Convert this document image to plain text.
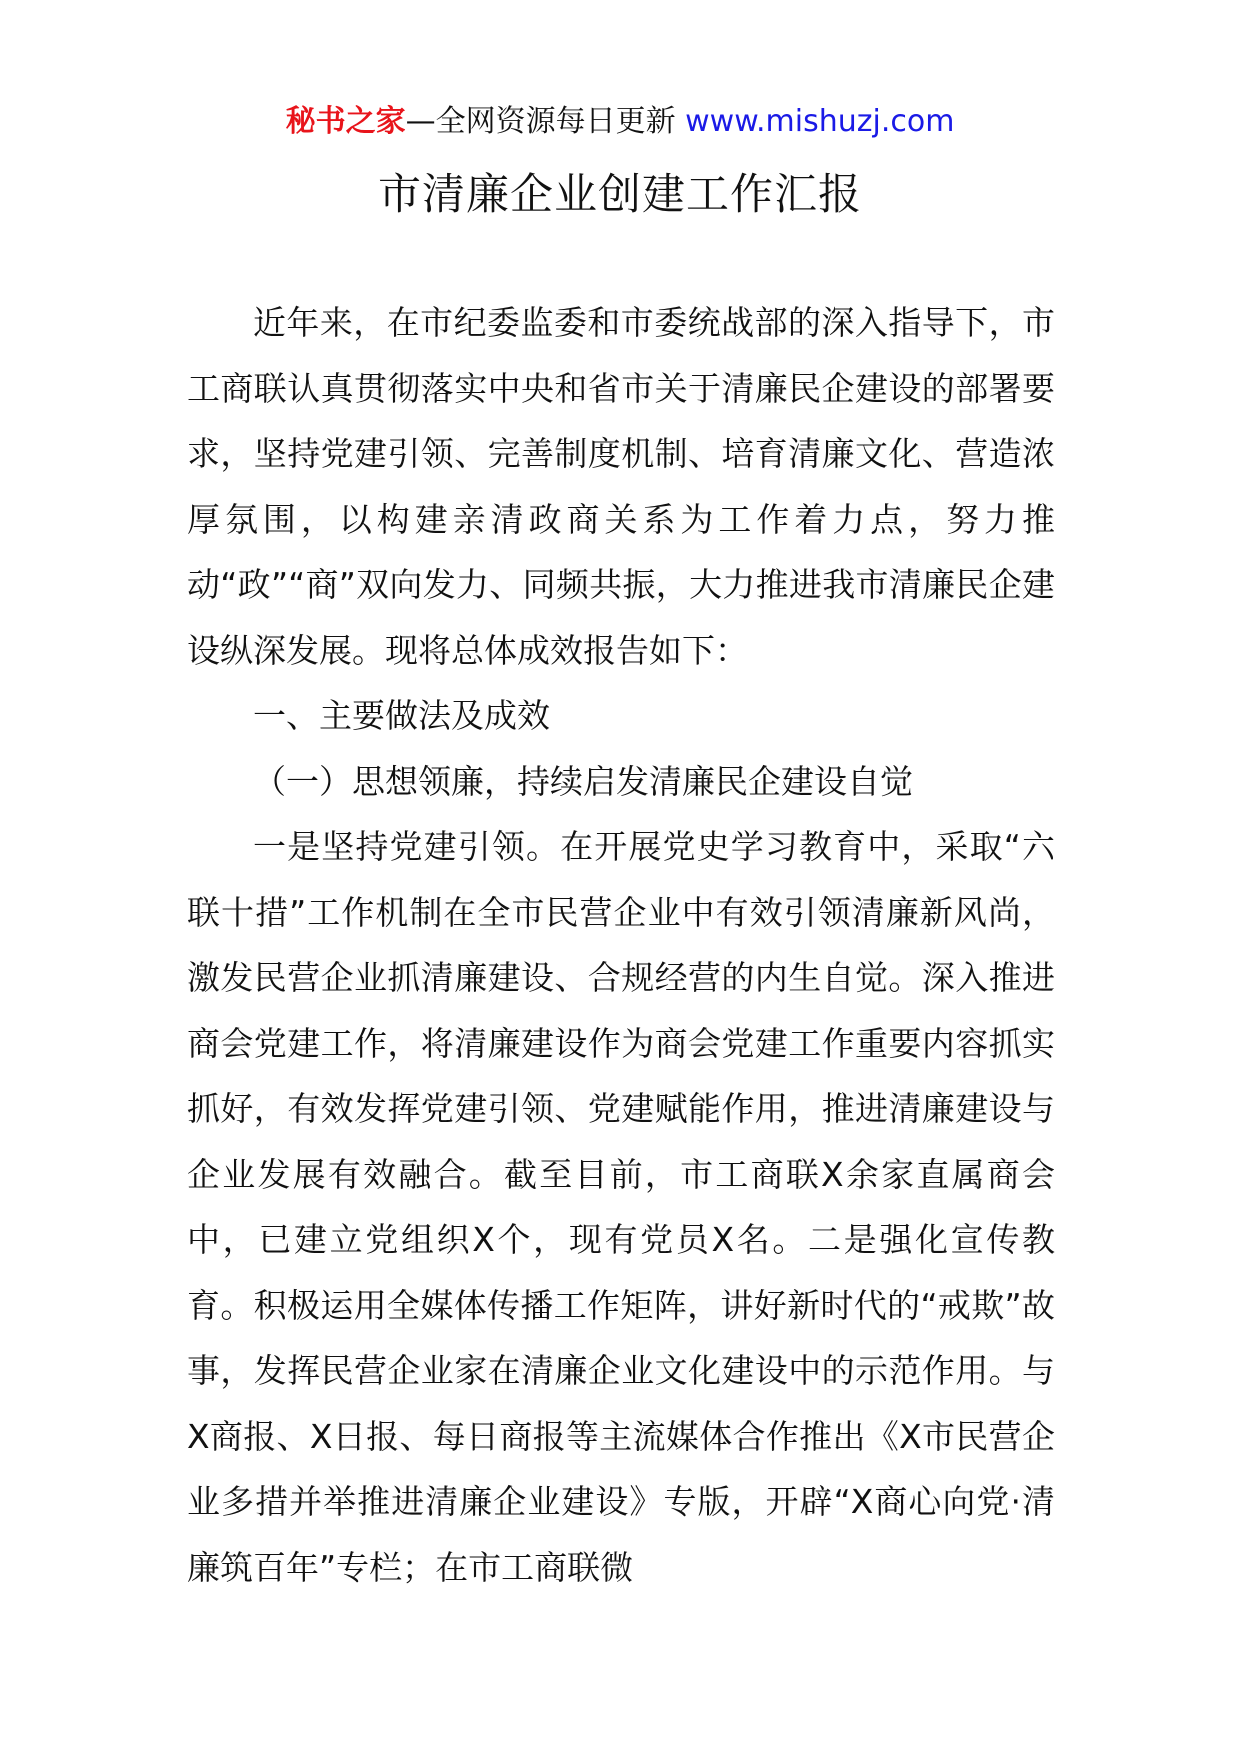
秘书之家—全网资源每日更新 www.mishuzj.com
市清廉企业创建工作汇报

近年来，在市纪委监委和市委统战部的深入指导下，市工商联认真贯彻落实中央和省市关于清廉民企建设的部署要求，坚持党建引领、完善制度机制、培育清廉文化、营造浓厚氛围，以构建亲清政商关系为工作着力点，努力推动“政”“商”双向发力、同频共振，大力推进我市清廉民企建设纵深发展。现将总体成效报告如下：

一、主要做法及成效

（一）思想领廉，持续启发清廉民企建设自觉

一是坚持党建引领。在开展党史学习教育中，采取“六联十措”工作机制在全市民营企业中有效引领清廉新风尚，激发民营企业抓清廉建设、合规经营的内生自觉。深入推进商会党建工作，将清廉建设作为商会党建工作重要内容抓实抓好，有效发挥党建引领、党建赋能作用，推进清廉建设与企业发展有效融合。截至目前，市工商联X余家直属商会中，已建立党组织X个，现有党员X名。二是强化宣传教育。积极运用全媒体传播工作矩阵，讲好新时代的“戒欺”故事，发挥民营企业家在清廉企业文化建设中的示范作用。与X商报、X日报、每日商报等主流媒体合作推出《X市民营企业多措并举推进清廉企业建设》专版，开辟“X商心向党·清廉筑百年”专栏；在市工商联微
